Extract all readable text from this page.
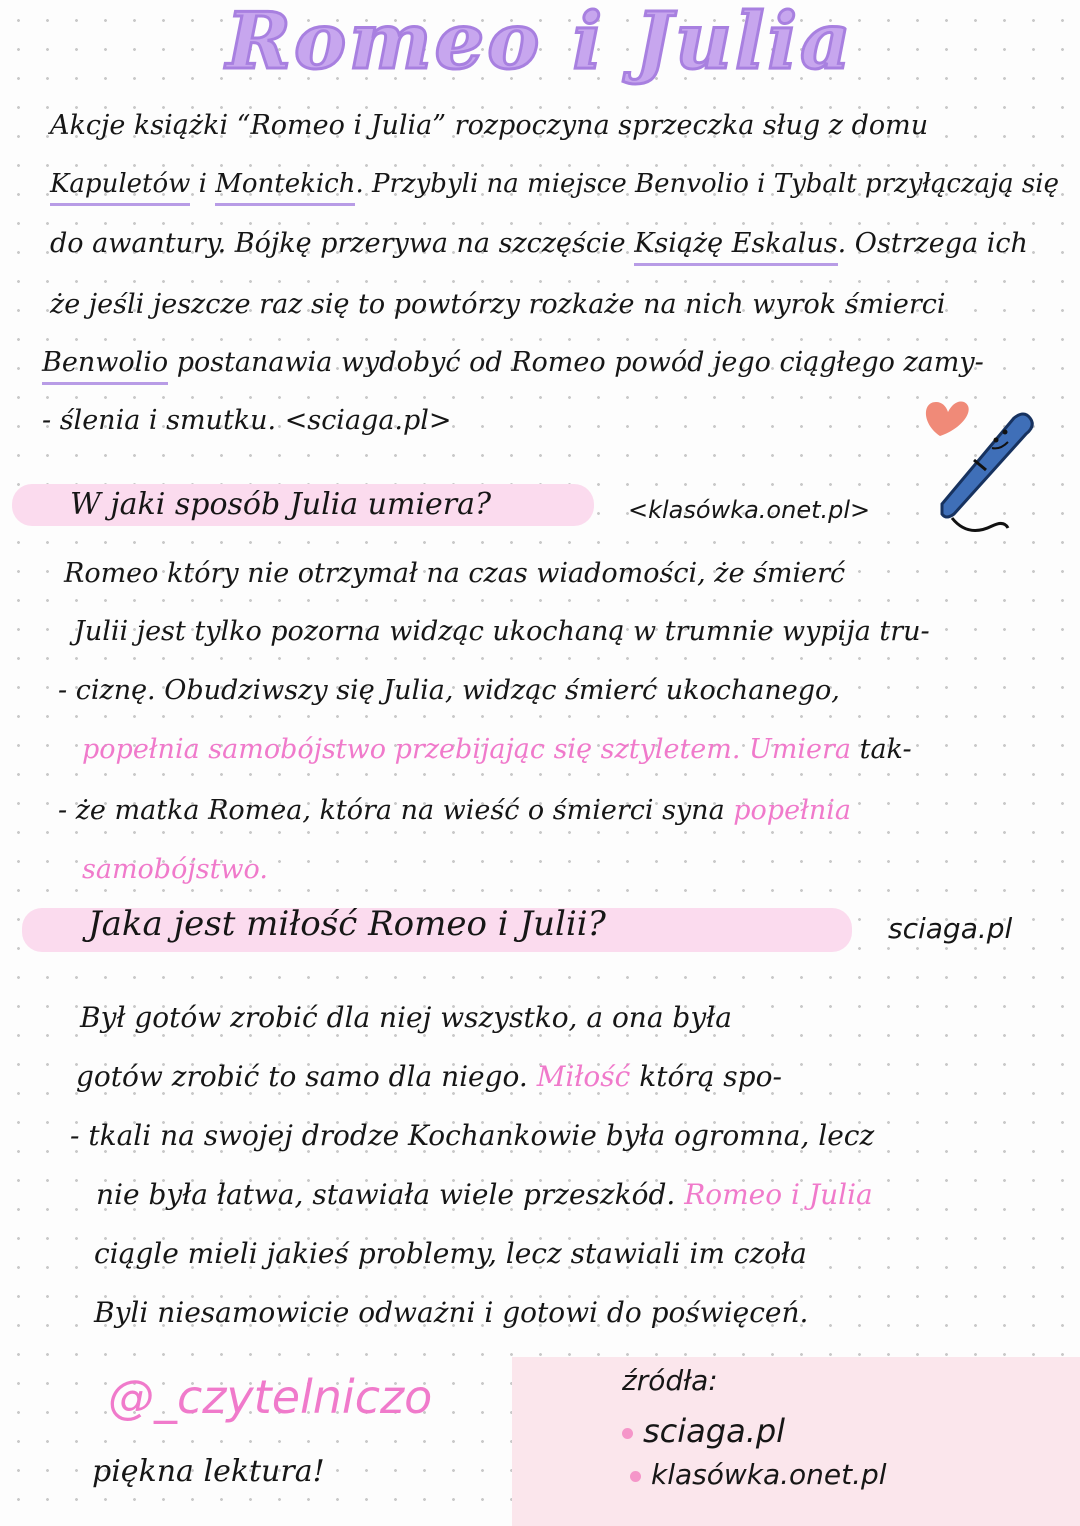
Romeo i Julia
Akcje książki “Romeo i Julia” rozpoczyna sprzeczka sług z domu
Kapuletów i Montekich. Przybyli na miejsce Benvolio i Tybalt przyłączają się
do awantury. Bójkę przerywa na szczęście Książę Eskalus. Ostrzega ich
że jeśli jeszcze raz się to powtórzy rozkaże na nich wyrok śmierci
Benwolio postanawia wydobyć od Romeo powód jego ciągłego zamy-
- ślenia i smutku. <sciaga.pl>
W jaki sposób Julia umiera?	<klasówka.onet.pl>
Romeo który nie otrzymał na czas wiadomości, że śmierć
Julii jest tylko pozorna widząc ukochaną w trumnie wypija tru-
- ciznę. Obudziwszy się Julia, widząc śmierć ukochanego,
popełnia samobójstwo przebijając się sztyletem. Umiera tak-
- że matka Romea, która na wieść o śmierci syna popełnia
samobójstwo.
Jaka jest miłość Romeo i Julii?	sciaga.pl
Był gotów zrobić dla niej wszystko, a ona była
gotów zrobić to samo dla niego. Miłość którą spo-
- tkali na swojej drodze Kochankowie była ogromna, lecz
nie była łatwa, stawiała wiele przeszkód. Romeo i Julia
ciągle mieli jakieś problemy, lecz stawiali im czoła
Byli niesamowicie odważni i gotowi do poświęceń.
@_czytelniczo
piękna lektura!
źródła:
sciaga.pl
klasówka.onet.pl
